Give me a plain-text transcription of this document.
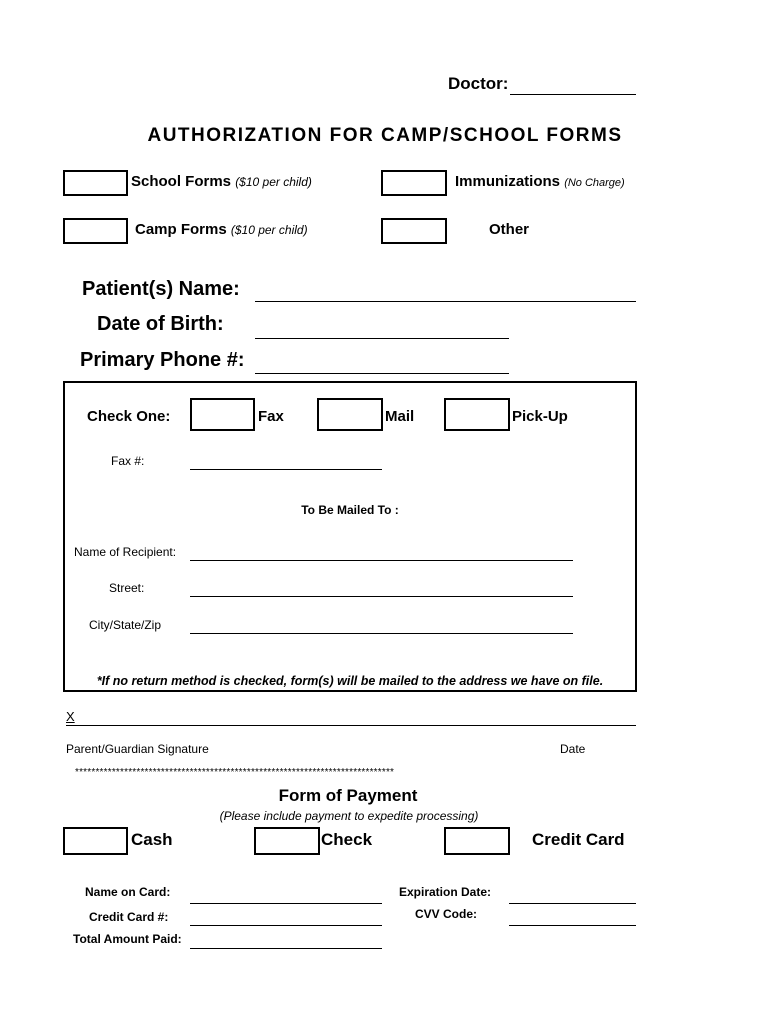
Doctor:
AUTHORIZATION FOR CAMP/SCHOOL FORMS
School Forms ($10 per child)	Immunizations (No Charge)
Camp Forms ($10 per child)	Other
Patient(s) Name:
Date of Birth:
Primary Phone #:
Check One:	Fax	Mail	Pick-Up
Fax #:
To Be Mailed To :
Name of Recipient:
Street:
City/State/Zip
*If no return method is checked, form(s) will be mailed to the address we have on file.
X
Parent/Guardian Signature	Date
******************************************************************************
Form of Payment
(Please include payment to expedite processing)
Cash	Check	Credit Card
Name on Card:
Credit Card #:
Total Amount Paid:
Expiration Date:
CVV Code:
